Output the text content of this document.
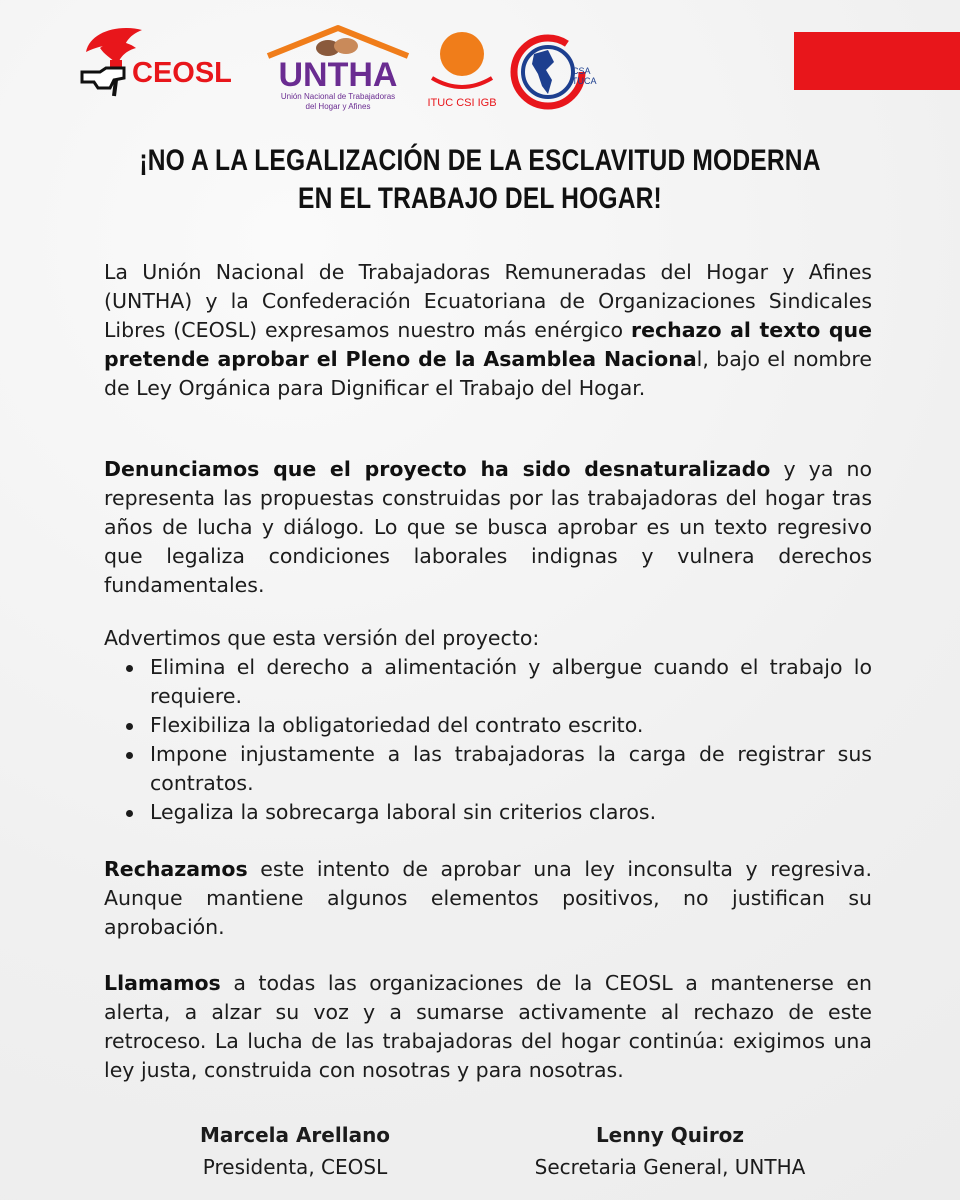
CEOSL UNTHA
Unión Nacional de Trabajadoras
del Hogar y Afines	ITUC CSI IGB
CSA
TUCA
¡NO A LA LEGALIZACIÓN DE LA ESCLAVITUD MODERNA
EN EL TRABAJO DEL HOGAR!
La Unión Nacional de Trabajadoras Remuneradas del Hogar y Afines (UNTHA) y la Confederación Ecuatoriana de Organizaciones Sindicales Libres (CEOSL) expresamos nuestro más enérgico rechazo al texto que pretende aprobar el Pleno de la Asamblea Nacional, bajo el nombre de Ley Orgánica para Dignificar el Trabajo del Hogar.
Denunciamos que el proyecto ha sido desnaturalizado y ya no representa las propuestas construidas por las trabajadoras del hogar tras años de lucha y diálogo. Lo que se busca aprobar es un texto regresivo que legaliza condiciones laborales indignas y vulnera derechos fundamentales.
Advertimos que esta versión del proyecto:
Elimina el derecho a alimentación y albergue cuando el trabajo lo requiere.
Flexibiliza la obligatoriedad del contrato escrito.
Impone injustamente a las trabajadoras la carga de registrar sus contratos.
Legaliza la sobrecarga laboral sin criterios claros.
Rechazamos este intento de aprobar una ley inconsulta y regresiva. Aunque mantiene algunos elementos positivos, no justifican su aprobación.
Llamamos a todas las organizaciones de la CEOSL a mantenerse en alerta, a alzar su voz y a sumarse activamente al rechazo de este retroceso. La lucha de las trabajadoras del hogar continúa: exigimos una ley justa, construida con nosotras y para nosotras.
Marcela Arellano
Presidenta, CEOSL
Lenny Quiroz
Secretaria General, UNTHA
